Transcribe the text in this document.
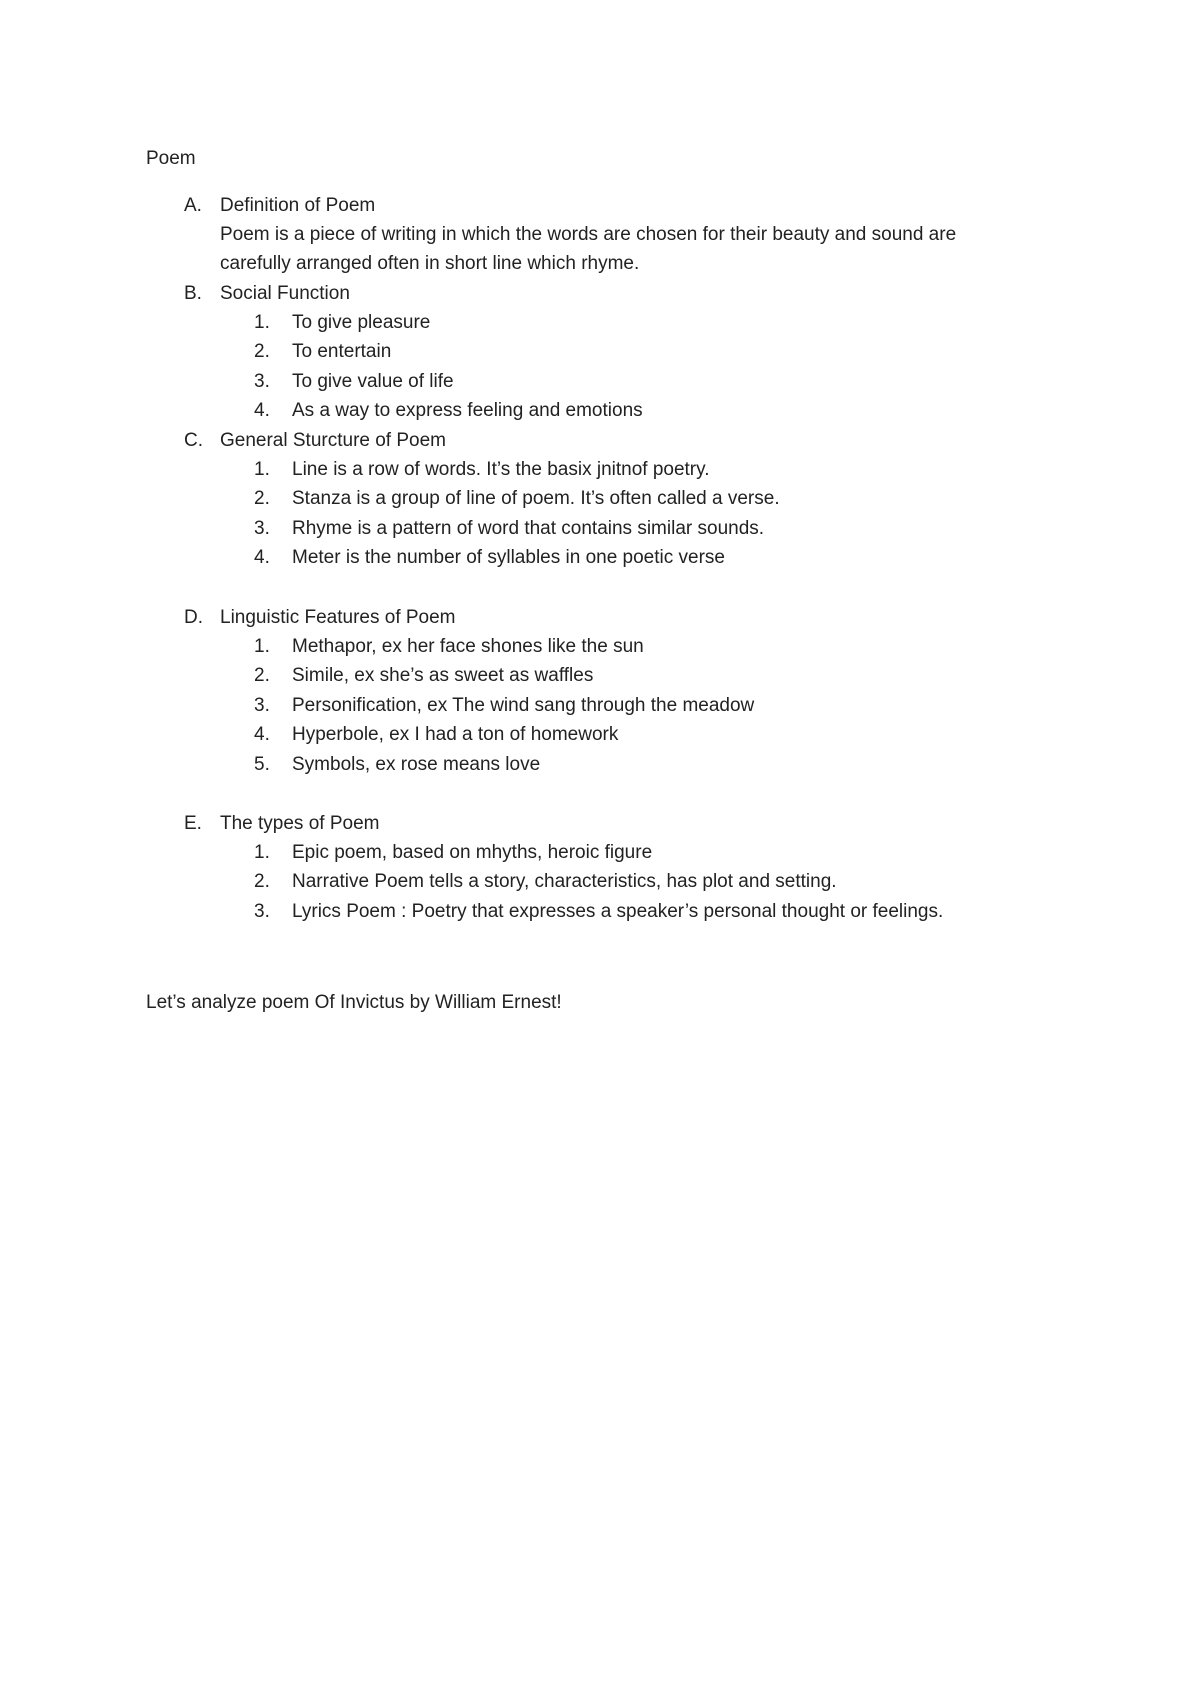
Poem
A. Definition of Poem
Poem is a piece of writing in which the words are chosen for their beauty and sound are
carefully arranged often in short line which rhyme.
B. Social Function
1. To give pleasure
2. To entertain
3. To give value of life
4. As a way to express feeling and emotions
C. General Sturcture of Poem
1. Line is a row of words. It’s the basix jnitnof poetry.
2. Stanza is a group of line of poem. It’s often called a verse.
3. Rhyme is a pattern of word that contains similar sounds.
4. Meter is the number of syllables in one poetic verse
D. Linguistic Features of Poem
1. Methapor, ex her face shones like the sun
2. Simile, ex she’s as sweet as waffles
3. Personification, ex The wind sang through the meadow
4. Hyperbole, ex I had a ton of homework
5. Symbols, ex rose means love
E. The types of Poem
1. Epic poem, based on mhyths, heroic figure
2. Narrative Poem tells a story, characteristics, has plot and setting.
3. Lyrics Poem : Poetry that expresses a speaker’s personal thought or feelings.
Let’s analyze poem Of Invictus by William Ernest!
